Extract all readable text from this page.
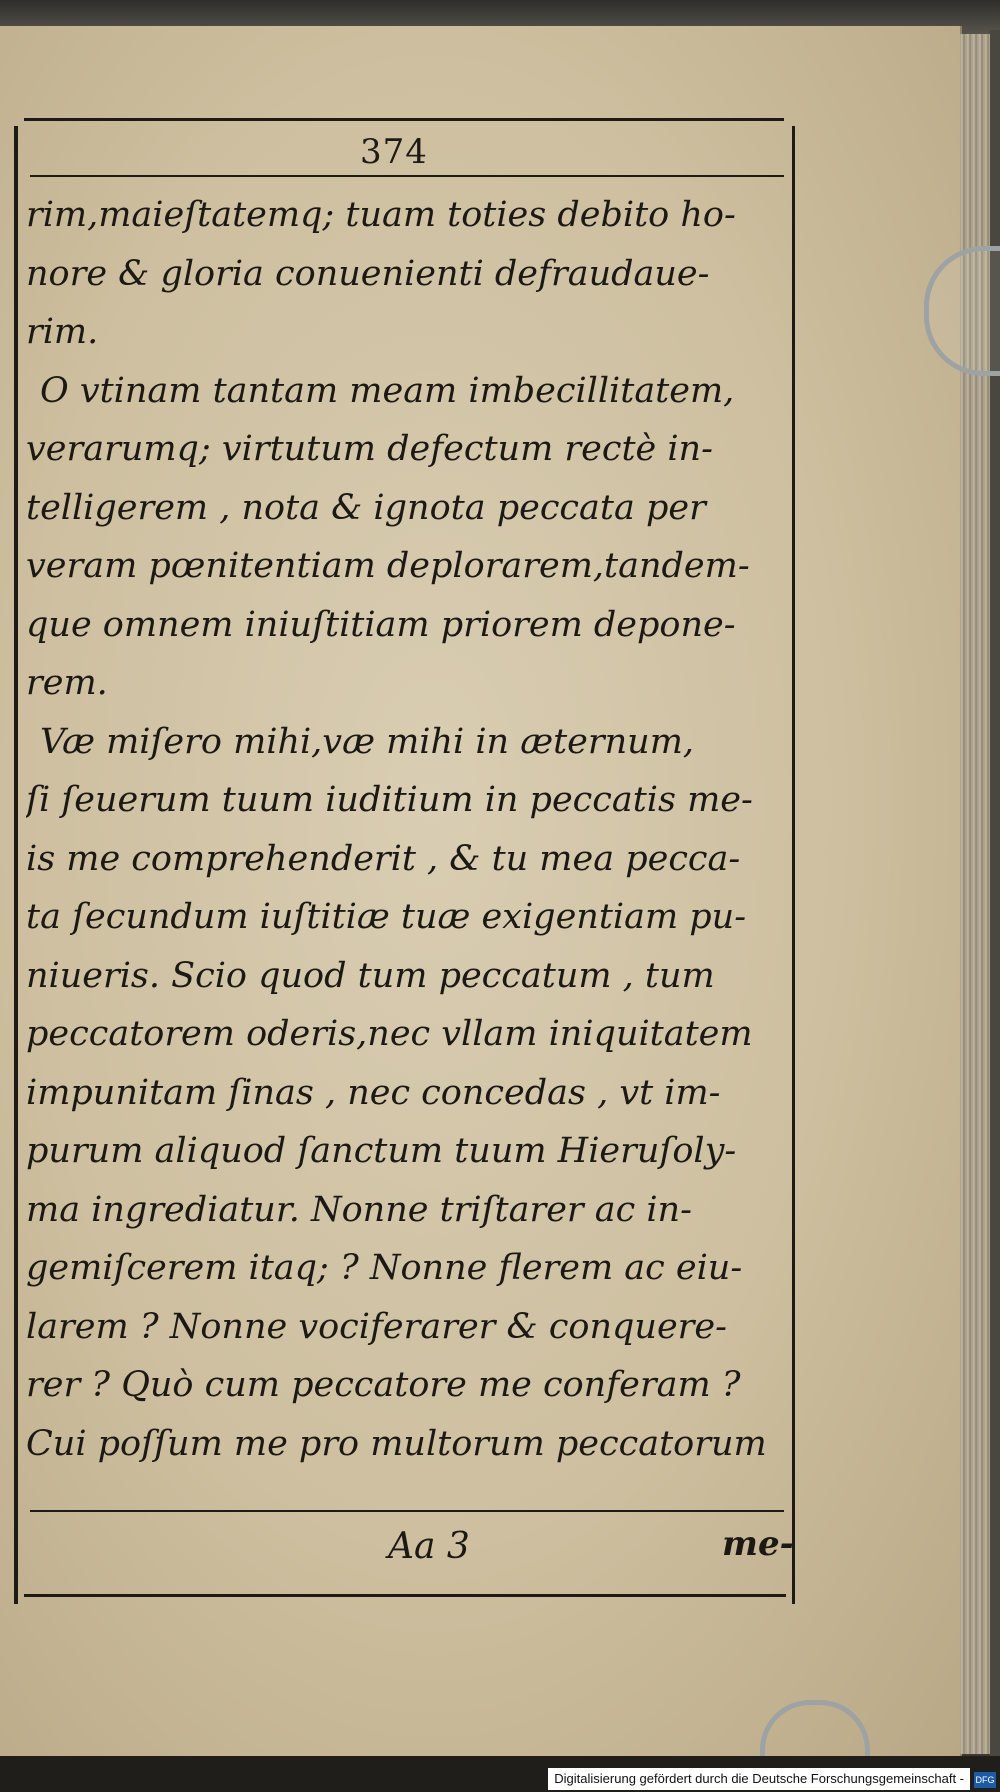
374
rim,maieſtatemq; tuam toties debito ho-
nore & gloria conuenienti defraudaue-
rim.
O vtinam tantam meam imbecillitatem,
verarumq; virtutum defectum rectè in-
telligerem , nota & ignota peccata per
veram pœnitentiam deplorarem,tandem-
que omnem iniuſtitiam priorem depone-
rem.
Væ miſero mihi,væ mihi in æternum,
ſi ſeuerum tuum iuditium in peccatis me-
is me comprehenderit , & tu mea pecca-
ta ſecundum iuſtitiæ tuæ exigentiam pu-
niueris. Scio quod tum peccatum , tum
peccatorem oderis,nec vllam iniquitatem
impunitam ſinas , nec concedas , vt im-
purum aliquod ſanctum tuum Hieruſoly-
ma ingrediatur. Nonne triſtarer ac in-
gemiſcerem itaq; ? Nonne flerem ac eiu-
larem ? Nonne vociferarer & conquere-
rer ? Quò cum peccatore me conferam ?
Cui poſſum me pro multorum peccatorum
Aa 3	me-
Digitalisierung gefördert durch die Deutsche Forschungsgemeinschaft -	DFG
